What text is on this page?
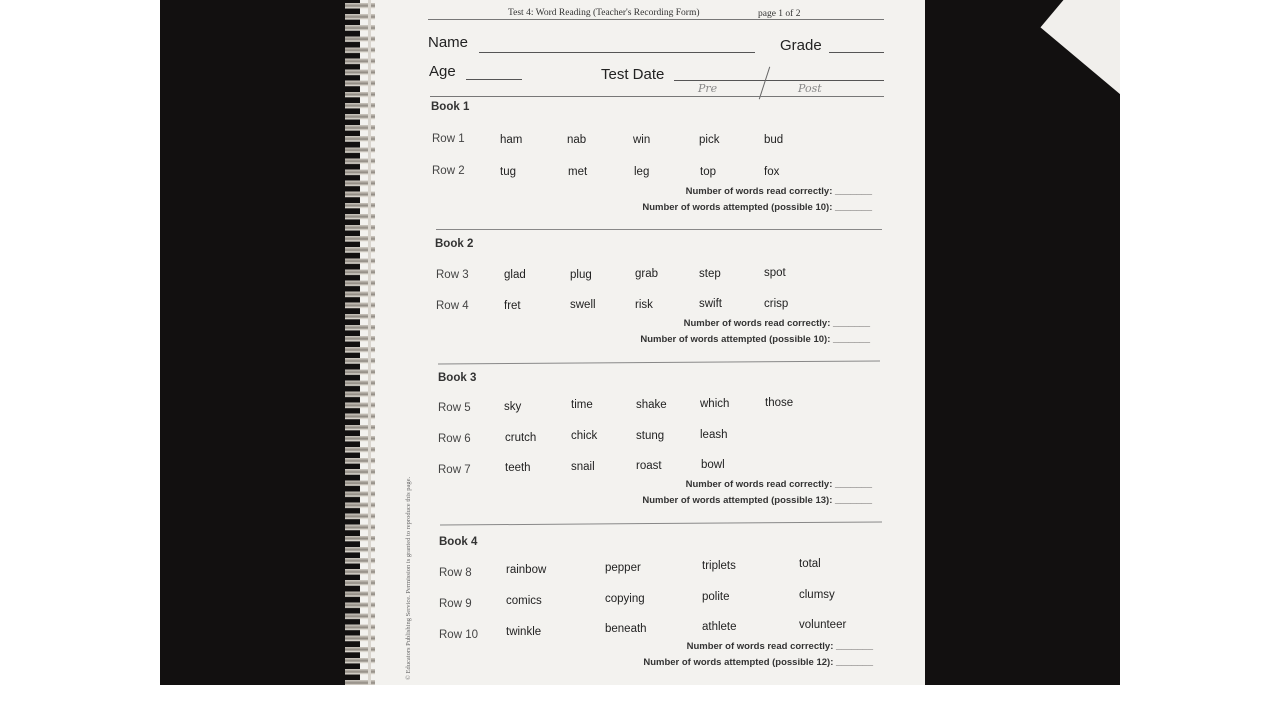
© Educators Publishing Service. Permission is granted to reproduce this page.
Test 4: Word Reading (Teacher's Recording Form)	page 1 of 2
Name	Grade
Age	Test Date
Pre	Post
Book 1
Row 1	ham	nab	win	pick	bud
Row 2	tug	met	leg	top	fox
Number of words read correctly: _______
Number of words attempted (possible 10): _______
Book 2
Row 3	glad	plug	grab	step	spot
Row 4	fret	swell	risk	swift	crisp
Number of words read correctly: _______
Number of words attempted (possible 10): _______
Book 3
Row 5	sky	time	shake	which	those
Row 6	crutch	chick	stung	leash
Row 7	teeth	snail	roast	bowl
Number of words read correctly: _______
Number of words attempted (possible 13): _______
Book 4
Row 8	rainbow	pepper	triplets	total
Row 9	comics	copying	polite	clumsy
Row 10 twinkle	beneath	athlete	volunteer
Number of words read correctly: _______
Number of words attempted (possible 12): _______
